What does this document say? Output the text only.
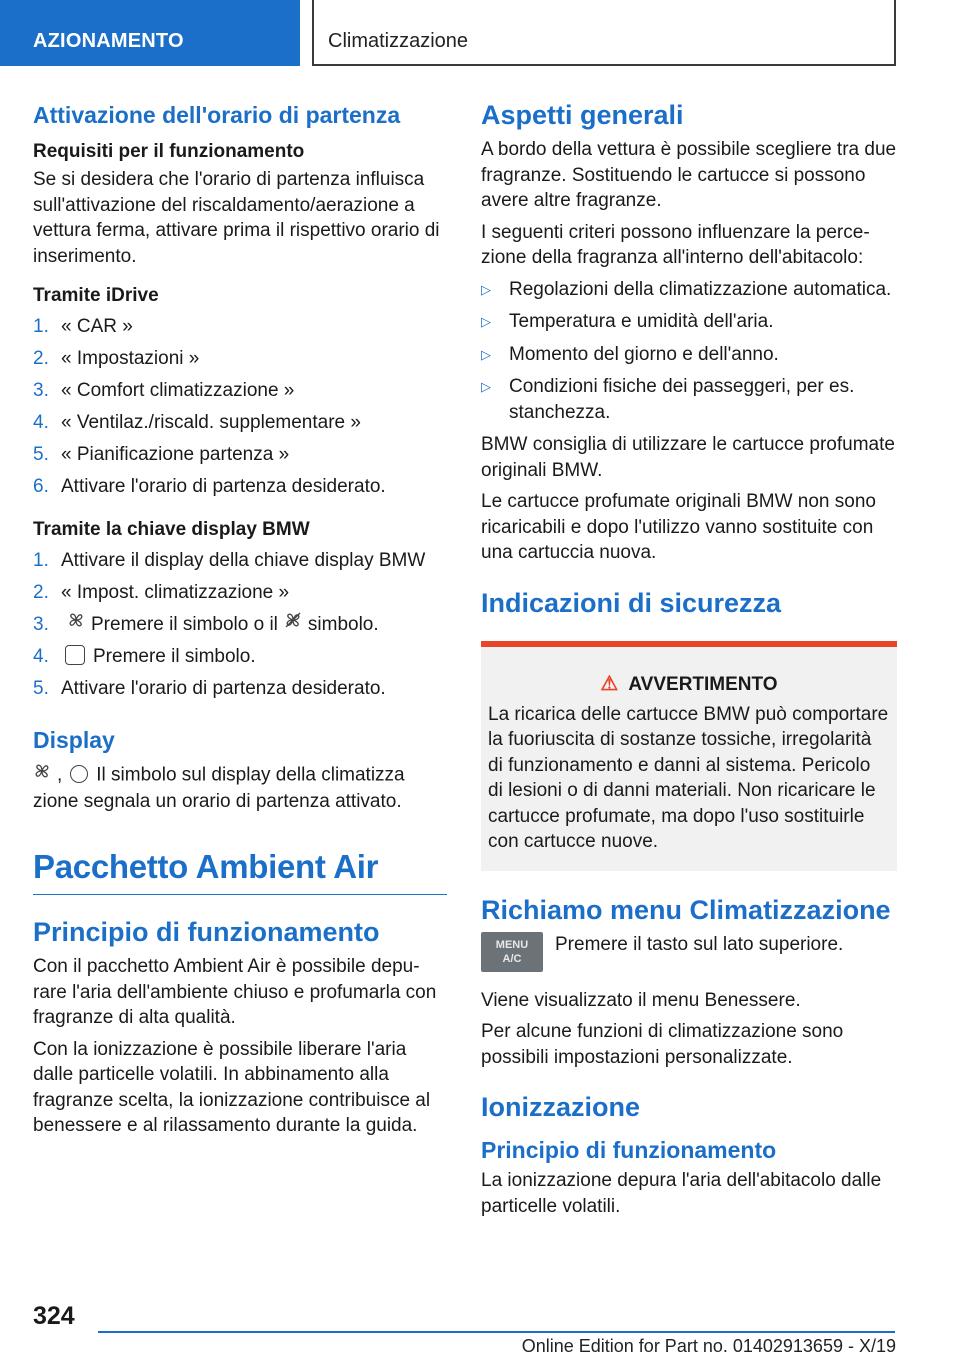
AZIONAMENTO	Climatizzazione
Attivazione dell'orario di partenza
Requisiti per il funzionamento

Se si desidera che l'orario di partenza influisca sull'attivazione del riscaldamento/aerazione a vettura ferma, attivare prima il rispettivo orario di inserimento.

Tramite iDrive
1. « CAR »
2. « Impostazioni »
3. « Comfort climatizzazione »
4. « Ventilaz./riscald. supplementare »
5. « Pianificazione partenza »
6. Attivare l'orario di partenza desiderato.
Tramite la chiave display BMW
1. Attivare il display della chiave display BMW
2. « Impost. climatizzazione »
3. Premere il simbolo o il simbolo.
4. Premere il simbolo.
5. Attivare l'orario di partenza desiderato.
Display

, Il simbolo sul display della climatizza
zione segnala un orario di partenza attivato.

Pacchetto Ambient Air
Principio di funzionamento

Con il pacchetto Ambient Air è possibile depurare l'aria dell'ambiente chiuso e profumarla con fragranze di alta qualità.

Con la ionizzazione è possibile liberare l'aria dalle particelle volatili. In abbinamento alla fragranze scelta, la ionizzazione contribuisce al benessere e al rilassamento durante la guida.

Aspetti generali

A bordo della vettura è possibile scegliere tra due fragranze. Sostituendo le cartucce si possono avere altre fragranze.

I seguenti criteri possono influenzare la percezione della fragranza all'interno dell'abitacolo:

▷ Regolazioni della climatizzazione automatica.
▷ Temperatura e umidità dell'aria.
▷ Momento del giorno e dell'anno.
▷ Condizioni fisiche dei passeggeri, per es. stanchezza.

BMW consiglia di utilizzare le cartucce profumate originali BMW.

Le cartucce profumate originali BMW non sono ricaricabili e dopo l'utilizzo vanno sostituite con una cartuccia nuova.

Indicazioni di sicurezza
⚠ AVVERTIMENTO

La ricarica delle cartucce BMW può comportare la fuoriuscita di sostanze tossiche, irregolarità di funzionamento e danni al sistema. Pericolo di lesioni o di danni materiali. Non ricaricare le cartucce profumate, ma dopo l'uso sostituirle con cartucce nuove.

Richiamo menu Climatizzazione
MENU
A/C

Premere il tasto sul lato superiore.

Viene visualizzato il menu Benessere.

Per alcune funzioni di climatizzazione sono possibili impostazioni personalizzate.

Ionizzazione
Principio di funzionamento

La ionizzazione depura l'aria dell'abitacolo dalle particelle volatili.

324
Online Edition for Part no. 01402913659 - X/19
